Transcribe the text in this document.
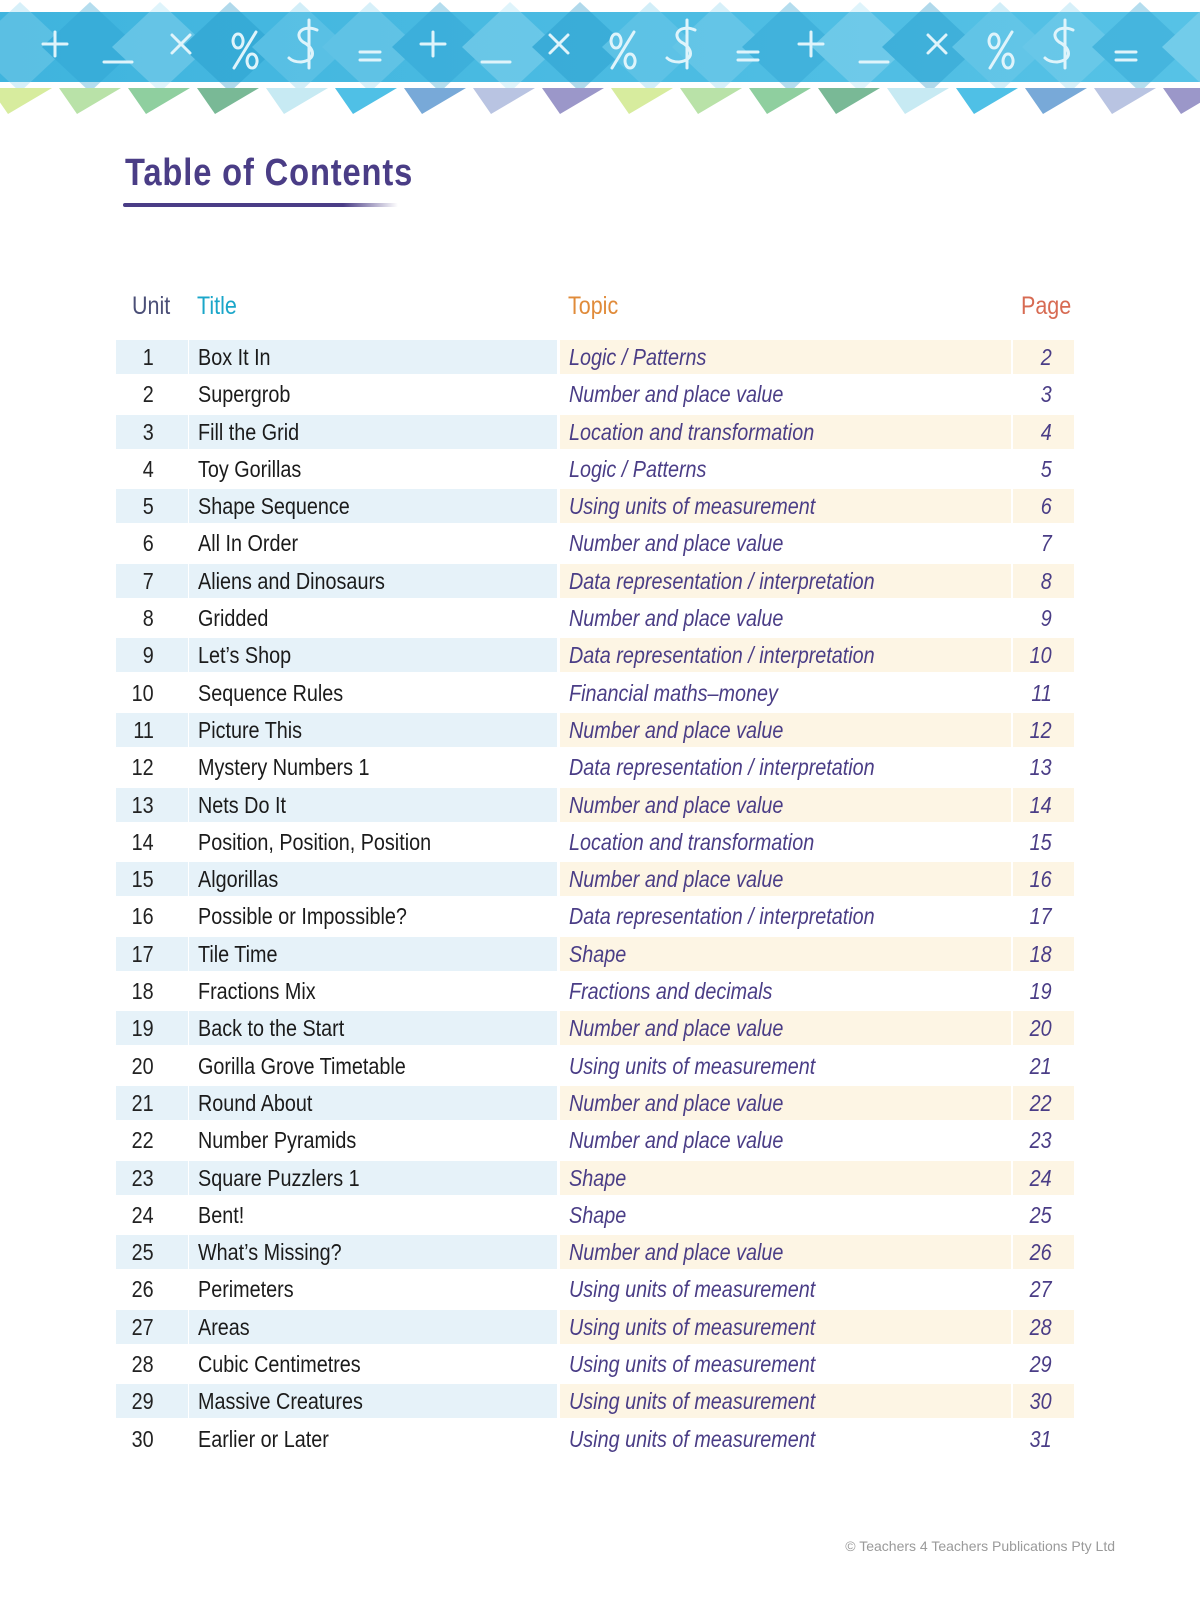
Table of Contents
Unit Title	Topic	Page
1 Box It In	Logic / Patterns	2
2 Supergrob	Number and place value	3
3 Fill the Grid	Location and transformation	4
4 Toy Gorillas	Logic / Patterns	5
5 Shape Sequence	Using units of measurement	6
6 All In Order	Number and place value	7
7 Aliens and Dinosaurs	Data representation / interpretation	8
8 Gridded	Number and place value	9
9 Let’s Shop	Data representation / interpretation	10
10 Sequence Rules	Financial maths–money	11
11 Picture This	Number and place value	12
12 Mystery Numbers 1	Data representation / interpretation	13
13 Nets Do It	Number and place value	14
14 Position, Position, Position	Location and transformation	15
15 Algorillas	Number and place value	16
16 Possible or Impossible?	Data representation / interpretation	17
17 Tile Time	Shape	18
18 Fractions Mix	Fractions and decimals	19
19 Back to the Start	Number and place value	20
20 Gorilla Grove Timetable	Using units of measurement	21
21 Round About	Number and place value	22
22 Number Pyramids	Number and place value	23
23 Square Puzzlers 1	Shape	24
24 Bent!	Shape	25
25 What’s Missing?	Number and place value	26
26 Perimeters	Using units of measurement	27
27 Areas	Using units of measurement	28
28 Cubic Centimetres	Using units of measurement	29
29 Massive Creatures	Using units of measurement	30
30 Earlier or Later	Using units of measurement	31
© Teachers 4 Teachers Publications Pty Ltd
